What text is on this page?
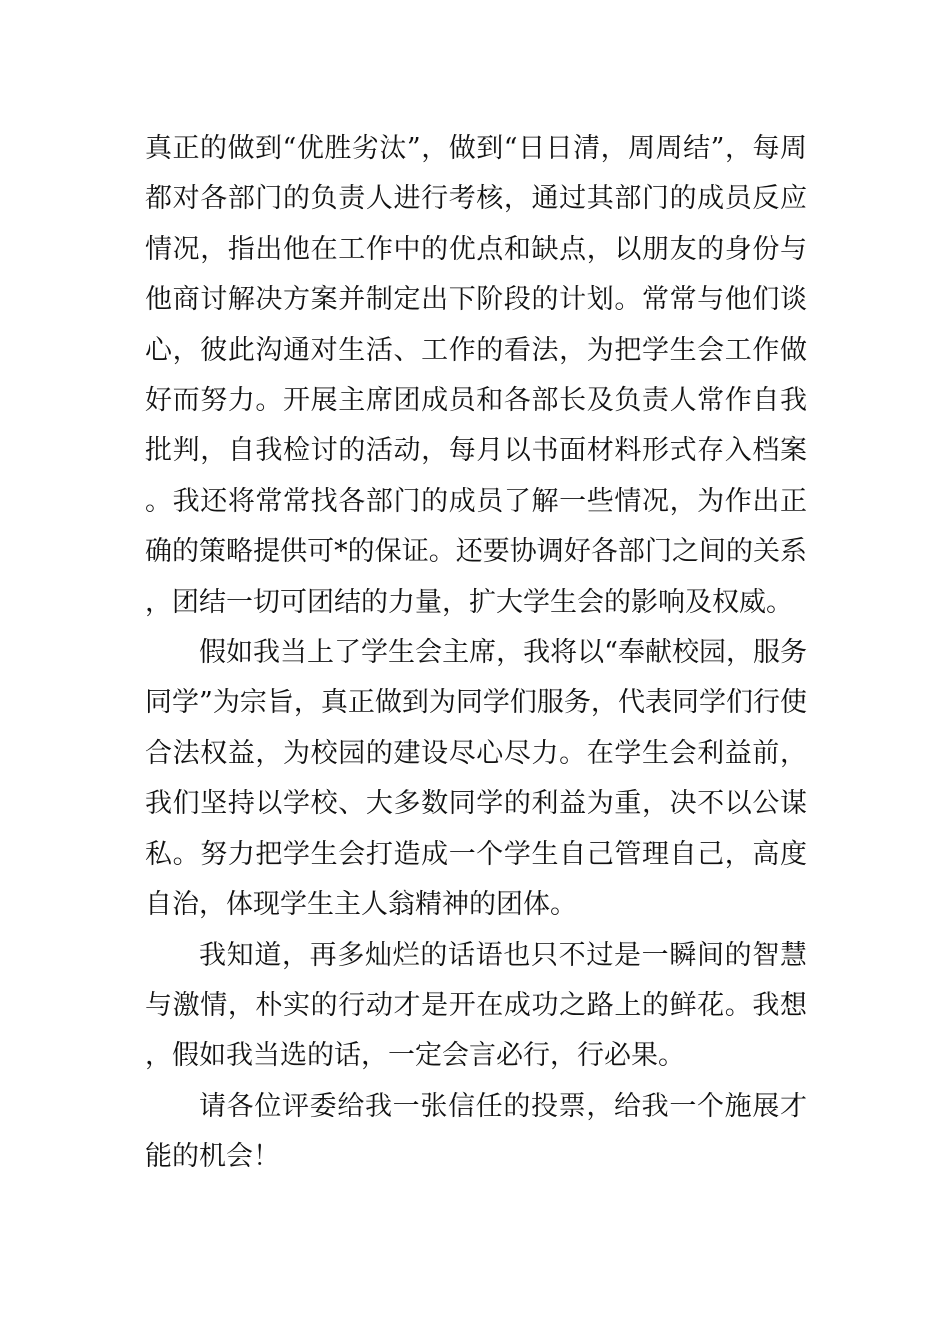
真正的做到“优胜劣汰”，做到“日日清，周周结”，每周都对各部门的负责人进行考核，通过其部门的成员反应情况，指出他在工作中的优点和缺点，以朋友的身份与他商讨解决方案并制定出下阶段的计划。常常与他们谈心，彼此沟通对生活、工作的看法，为把学生会工作做好而努力。开展主席团成员和各部长及负责人常作自我批判，自我检讨的活动，每月以书面材料形式存入档案。我还将常常找各部门的成员了解一些情况，为作出正确的策略提供可*的保证。还要协调好各部门之间的关系，团结一切可团结的力量，扩大学生会的影响及权威。

假如我当上了学生会主席，我将以“奉献校园，服务同学”为宗旨，真正做到为同学们服务，代表同学们行使合法权益，为校园的建设尽心尽力。在学生会利益前，我们坚持以学校、大多数同学的利益为重，决不以公谋私。努力把学生会打造成一个学生自己管理自己，高度自治，体现学生主人翁精神的团体。

我知道，再多灿烂的话语也只不过是一瞬间的智慧与激情，朴实的行动才是开在成功之路上的鲜花。我想，假如我当选的话，一定会言必行，行必果。

请各位评委给我一张信任的投票，给我一个施展才能的机会！
